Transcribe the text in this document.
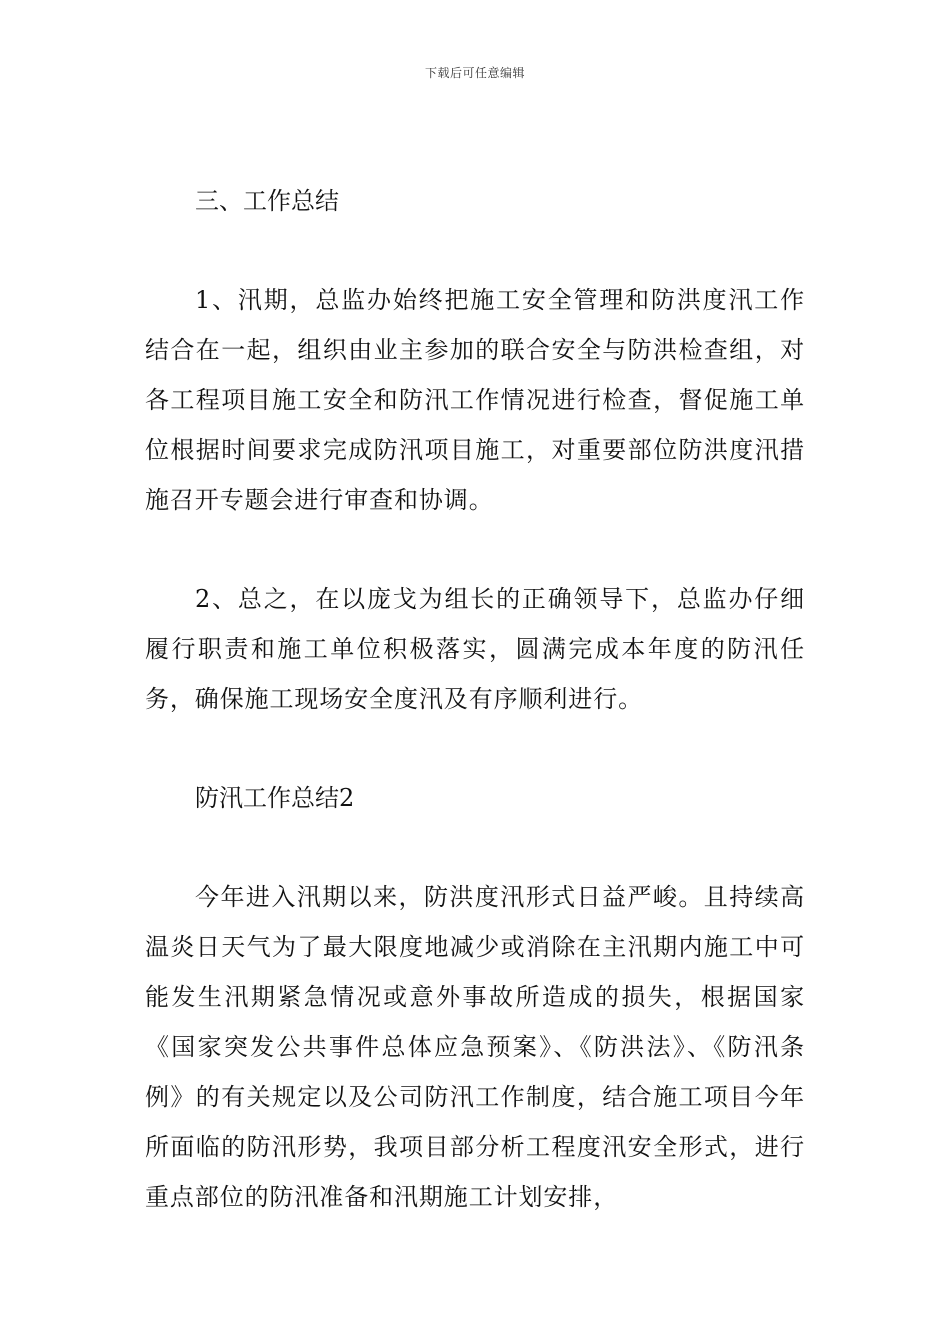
下载后可任意编辑

三、工作总结

1、汛期，总监办始终把施工安全管理和防洪度汛工作结合在一起，组织由业主参加的联合安全与防洪检查组，对各工程项目施工安全和防汛工作情况进行检查，督促施工单位根据时间要求完成防汛项目施工，对重要部位防洪度汛措施召开专题会进行审查和协调。

2、总之，在以庞戈为组长的正确领导下，总监办仔细履行职责和施工单位积极落实，圆满完成本年度的防汛任务，确保施工现场安全度汛及有序顺利进行。

防汛工作总结2

今年进入汛期以来，防洪度汛形式日益严峻。且持续高温炎日天气为了最大限度地减少或消除在主汛期内施工中可能发生汛期紧急情况或意外事故所造成的损失，根据国家《国家突发公共事件总体应急预案》、《防洪法》、《防汛条例》的有关规定以及公司防汛工作制度，结合施工项目今年所面临的防汛形势，我项目部分析工程度汛安全形式，进行重点部位的防汛准备和汛期施工计划安排，
